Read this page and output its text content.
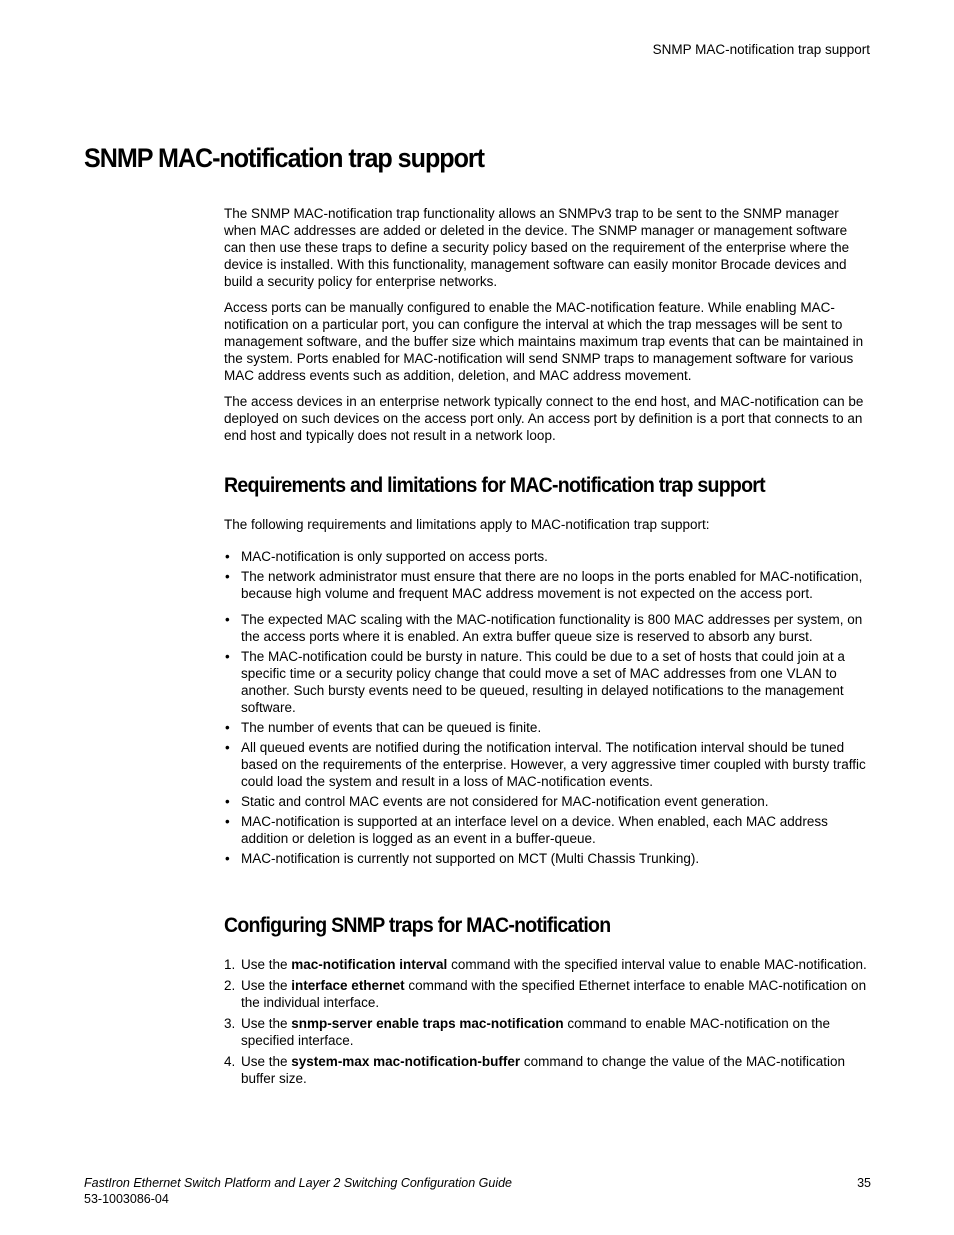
SNMP MAC-notification trap support
SNMP MAC-notification trap support

The SNMP MAC-notification trap functionality allows an SNMPv3 trap to be sent to the SNMP manager when MAC addresses are added or deleted in the device. The SNMP manager or management software can then use these traps to define a security policy based on the requirement of the enterprise where the device is installed. With this functionality, management software can easily monitor Brocade devices and build a security policy for enterprise networks.

Access ports can be manually configured to enable the MAC-notification feature. While enabling MAC-notification on a particular port, you can configure the interval at which the trap messages will be sent to management software, and the buffer size which maintains maximum trap events that can be maintained in the system. Ports enabled for MAC-notification will send SNMP traps to management software for various MAC address events such as addition, deletion, and MAC address movement.

The access devices in an enterprise network typically connect to the end host, and MAC-notification can be deployed on such devices on the access port only. An access port by definition is a port that connects to an end host and typically does not result in a network loop.

Requirements and limitations for MAC-notification trap support

The following requirements and limitations apply to MAC-notification trap support:

• MAC-notification is only supported on access ports.
• The network administrator must ensure that there are no loops in the ports enabled for MAC-notification, because high volume and frequent MAC address movement is not expected on the access port.
• The expected MAC scaling with the MAC-notification functionality is 800 MAC addresses per system, on the access ports where it is enabled. An extra buffer queue size is reserved to absorb any burst.
• The MAC-notification could be bursty in nature. This could be due to a set of hosts that could join at a specific time or a security policy change that could move a set of MAC addresses from one VLAN to another. Such bursty events need to be queued, resulting in delayed notifications to the management software.
• The number of events that can be queued is finite.
• All queued events are notified during the notification interval. The notification interval should be tuned based on the requirements of the enterprise. However, a very aggressive timer coupled with bursty traffic could load the system and result in a loss of MAC-notification events.
• Static and control MAC events are not considered for MAC-notification event generation.
• MAC-notification is supported at an interface level on a device. When enabled, each MAC address addition or deletion is logged as an event in a buffer-queue.
• MAC-notification is currently not supported on MCT (Multi Chassis Trunking).
Configuring SNMP traps for MAC-notification
1. Use the mac-notification interval command with the specified interval value to enable MAC-notification.
2. Use the interface ethernet command with the specified Ethernet interface to enable MAC-notification on the individual interface.
3. Use the snmp-server enable traps mac-notification command to enable MAC-notification on the specified interface.
4. Use the system-max mac-notification-buffer command to change the value of the MAC-notification buffer size.
FastIron Ethernet Switch Platform and Layer 2 Switching Configuration Guide
53-1003086-04
35
